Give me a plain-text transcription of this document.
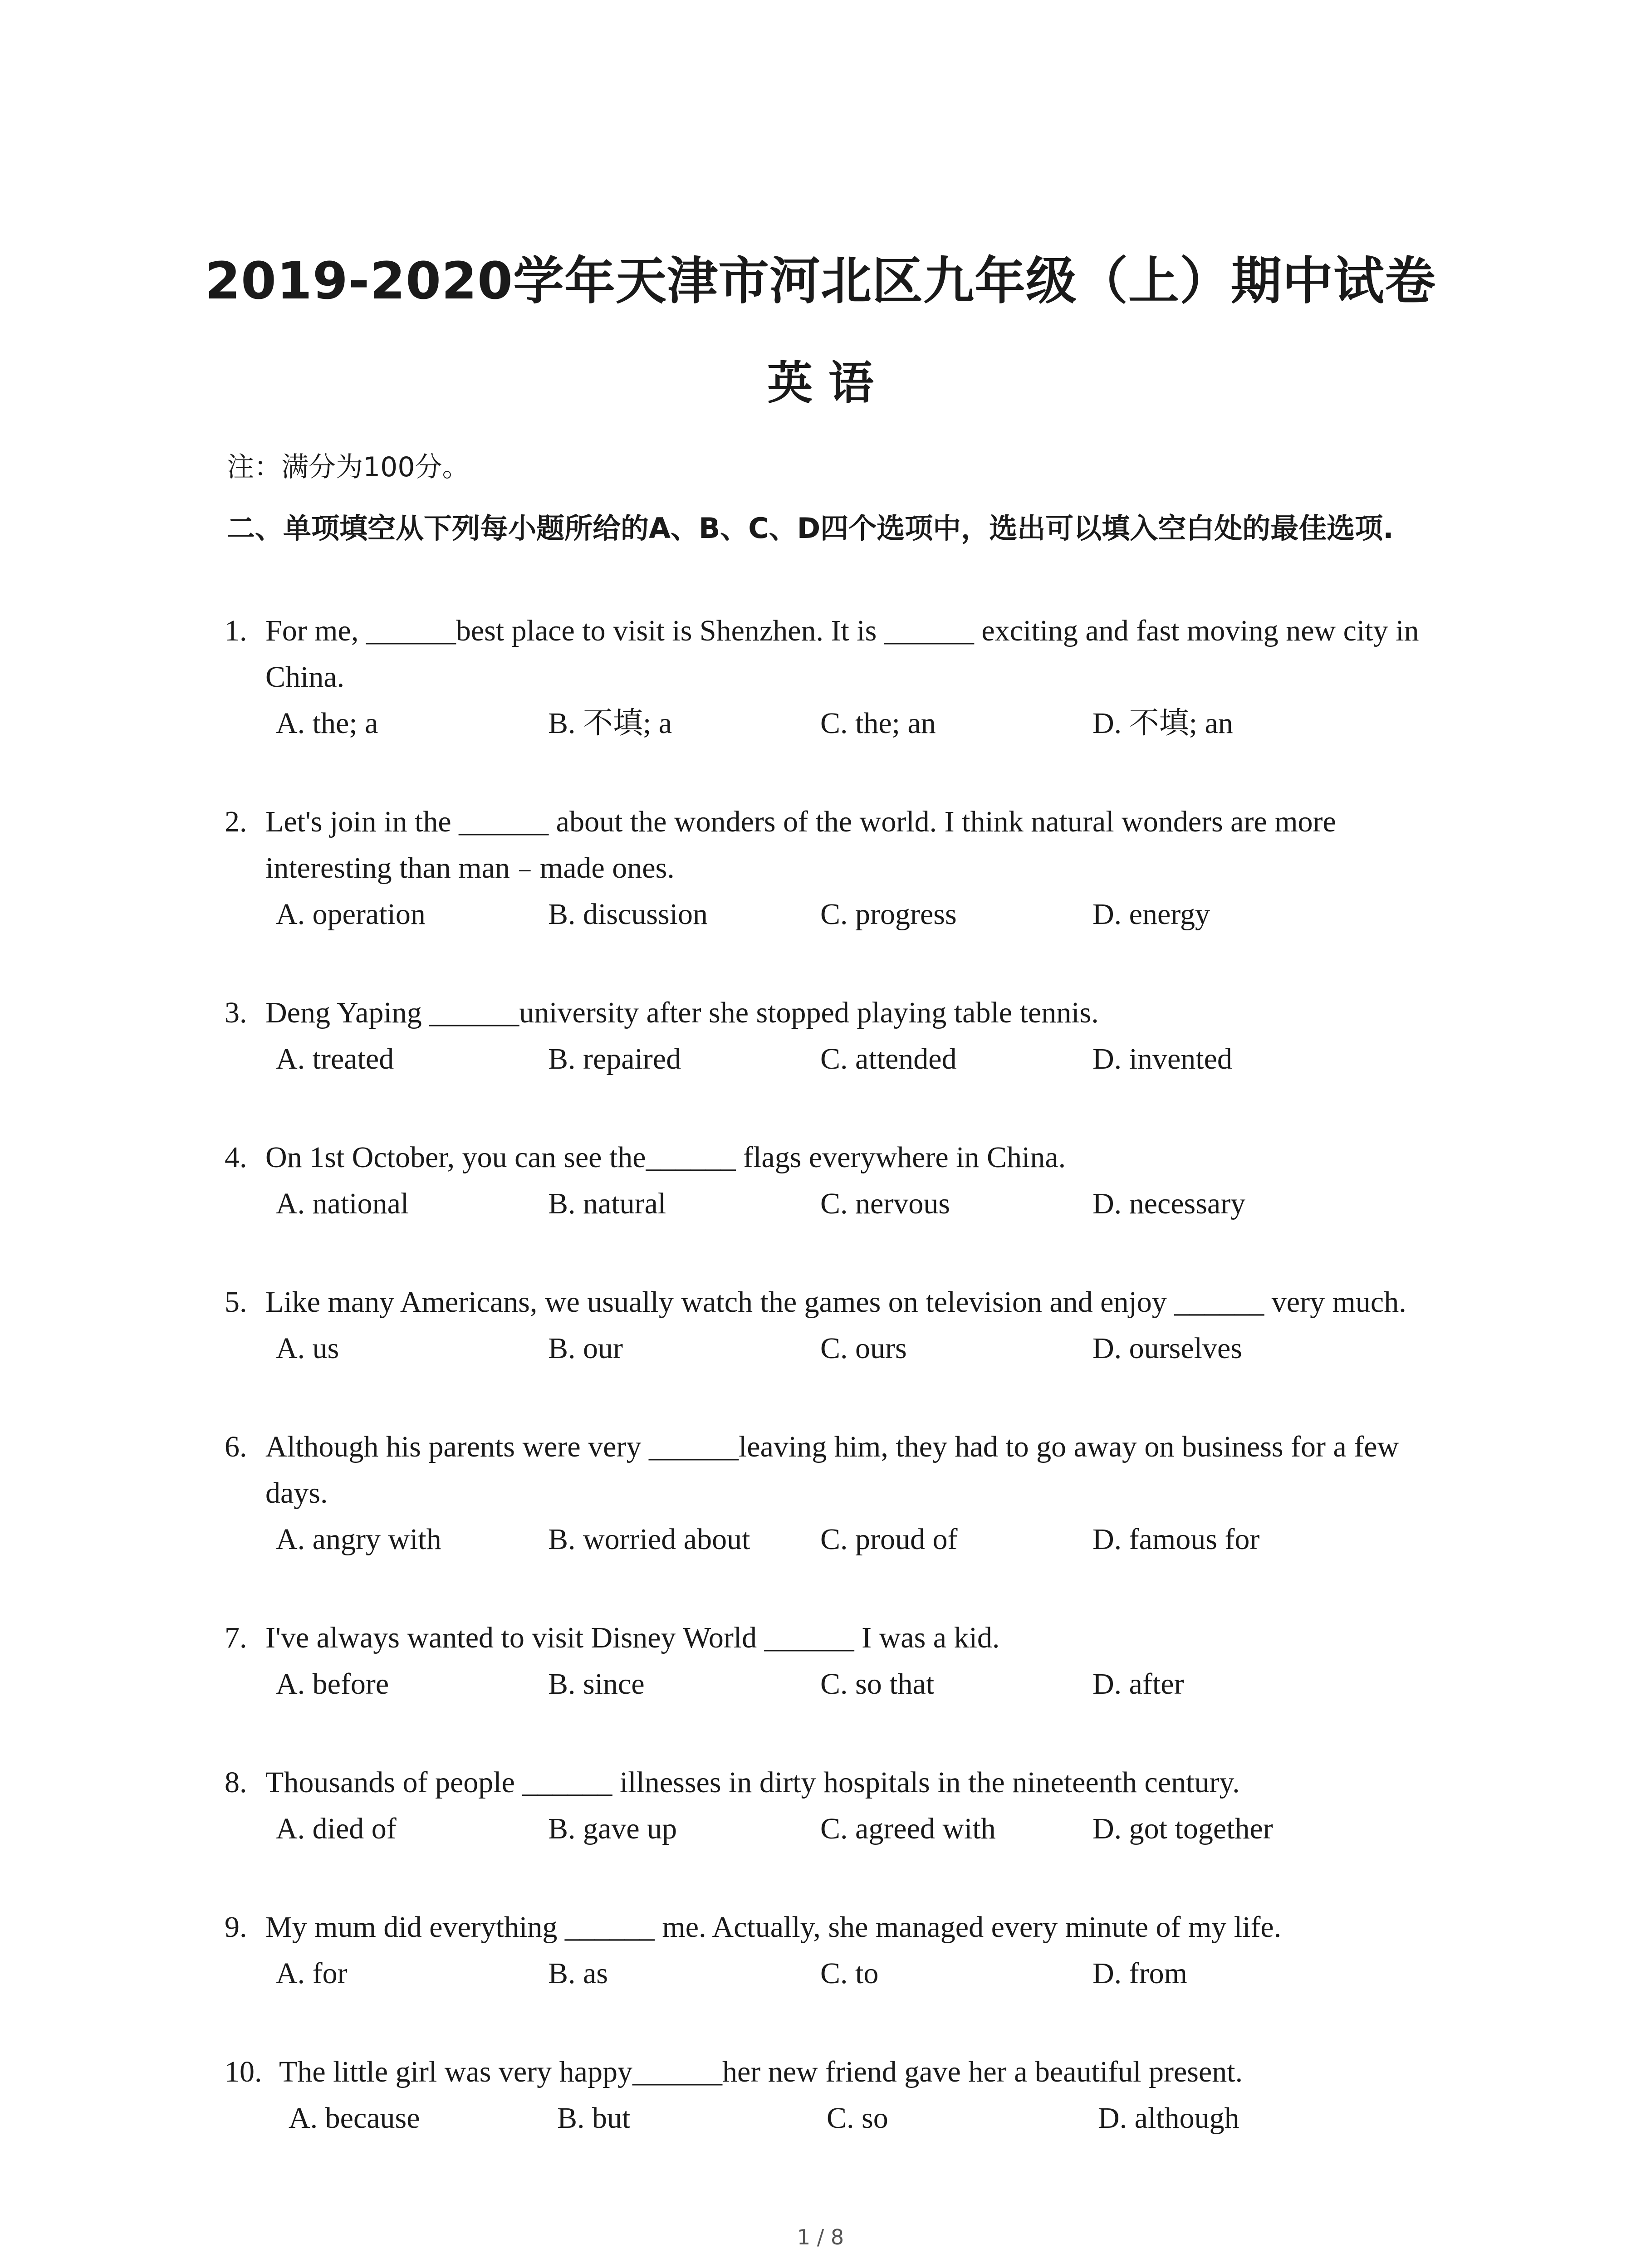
2019-2020学年天津市河北区九年级（上）期中试卷
英 语
注：满分为100分。
二、单项填空从下列每小题所给的A、B、C、D四个选项中，选出可以填入空白处的最佳选项.
1. For me, ______best place to visit is Shenzhen. It is ______ exciting and fast moving new city in China.
A. the; a	B. 不填; a	C. the; an	D. 不填; an
2. Let's join in the ______ about the wonders of the world. I think natural wonders are more interesting than man﹣made ones.
A. operation	B. discussion	C. progress	D. energy
3. Deng Yaping ______university after she stopped playing table tennis.
A. treated	B. repaired	C. attended	D. invented
4. On 1st October, you can see the______ flags everywhere in China.
A. national	B. natural	C. nervous	D. necessary
5. Like many Americans, we usually watch the games on television and enjoy ______ very much.
A. us	B. our	C. ours	D. ourselves
6. Although his parents were very ______leaving him, they had to go away on business for a few days.
A. angry with	B. worried about C. proud of	D. famous for
7. I've always wanted to visit Disney World ______ I was a kid.
A. before	B. since	C. so that	D. after
8. Thousands of people ______ illnesses in dirty hospitals in the nineteenth century.
A. died of	B. gave up	C. agreed with	D. got together
9. My mum did everything ______ me. Actually, she managed every minute of my life.
A. for	B. as	C. to	D. from
10. The little girl was very happy______her new friend gave her a beautiful present.
A. because	B. but	C. so	D. although
1 / 8
